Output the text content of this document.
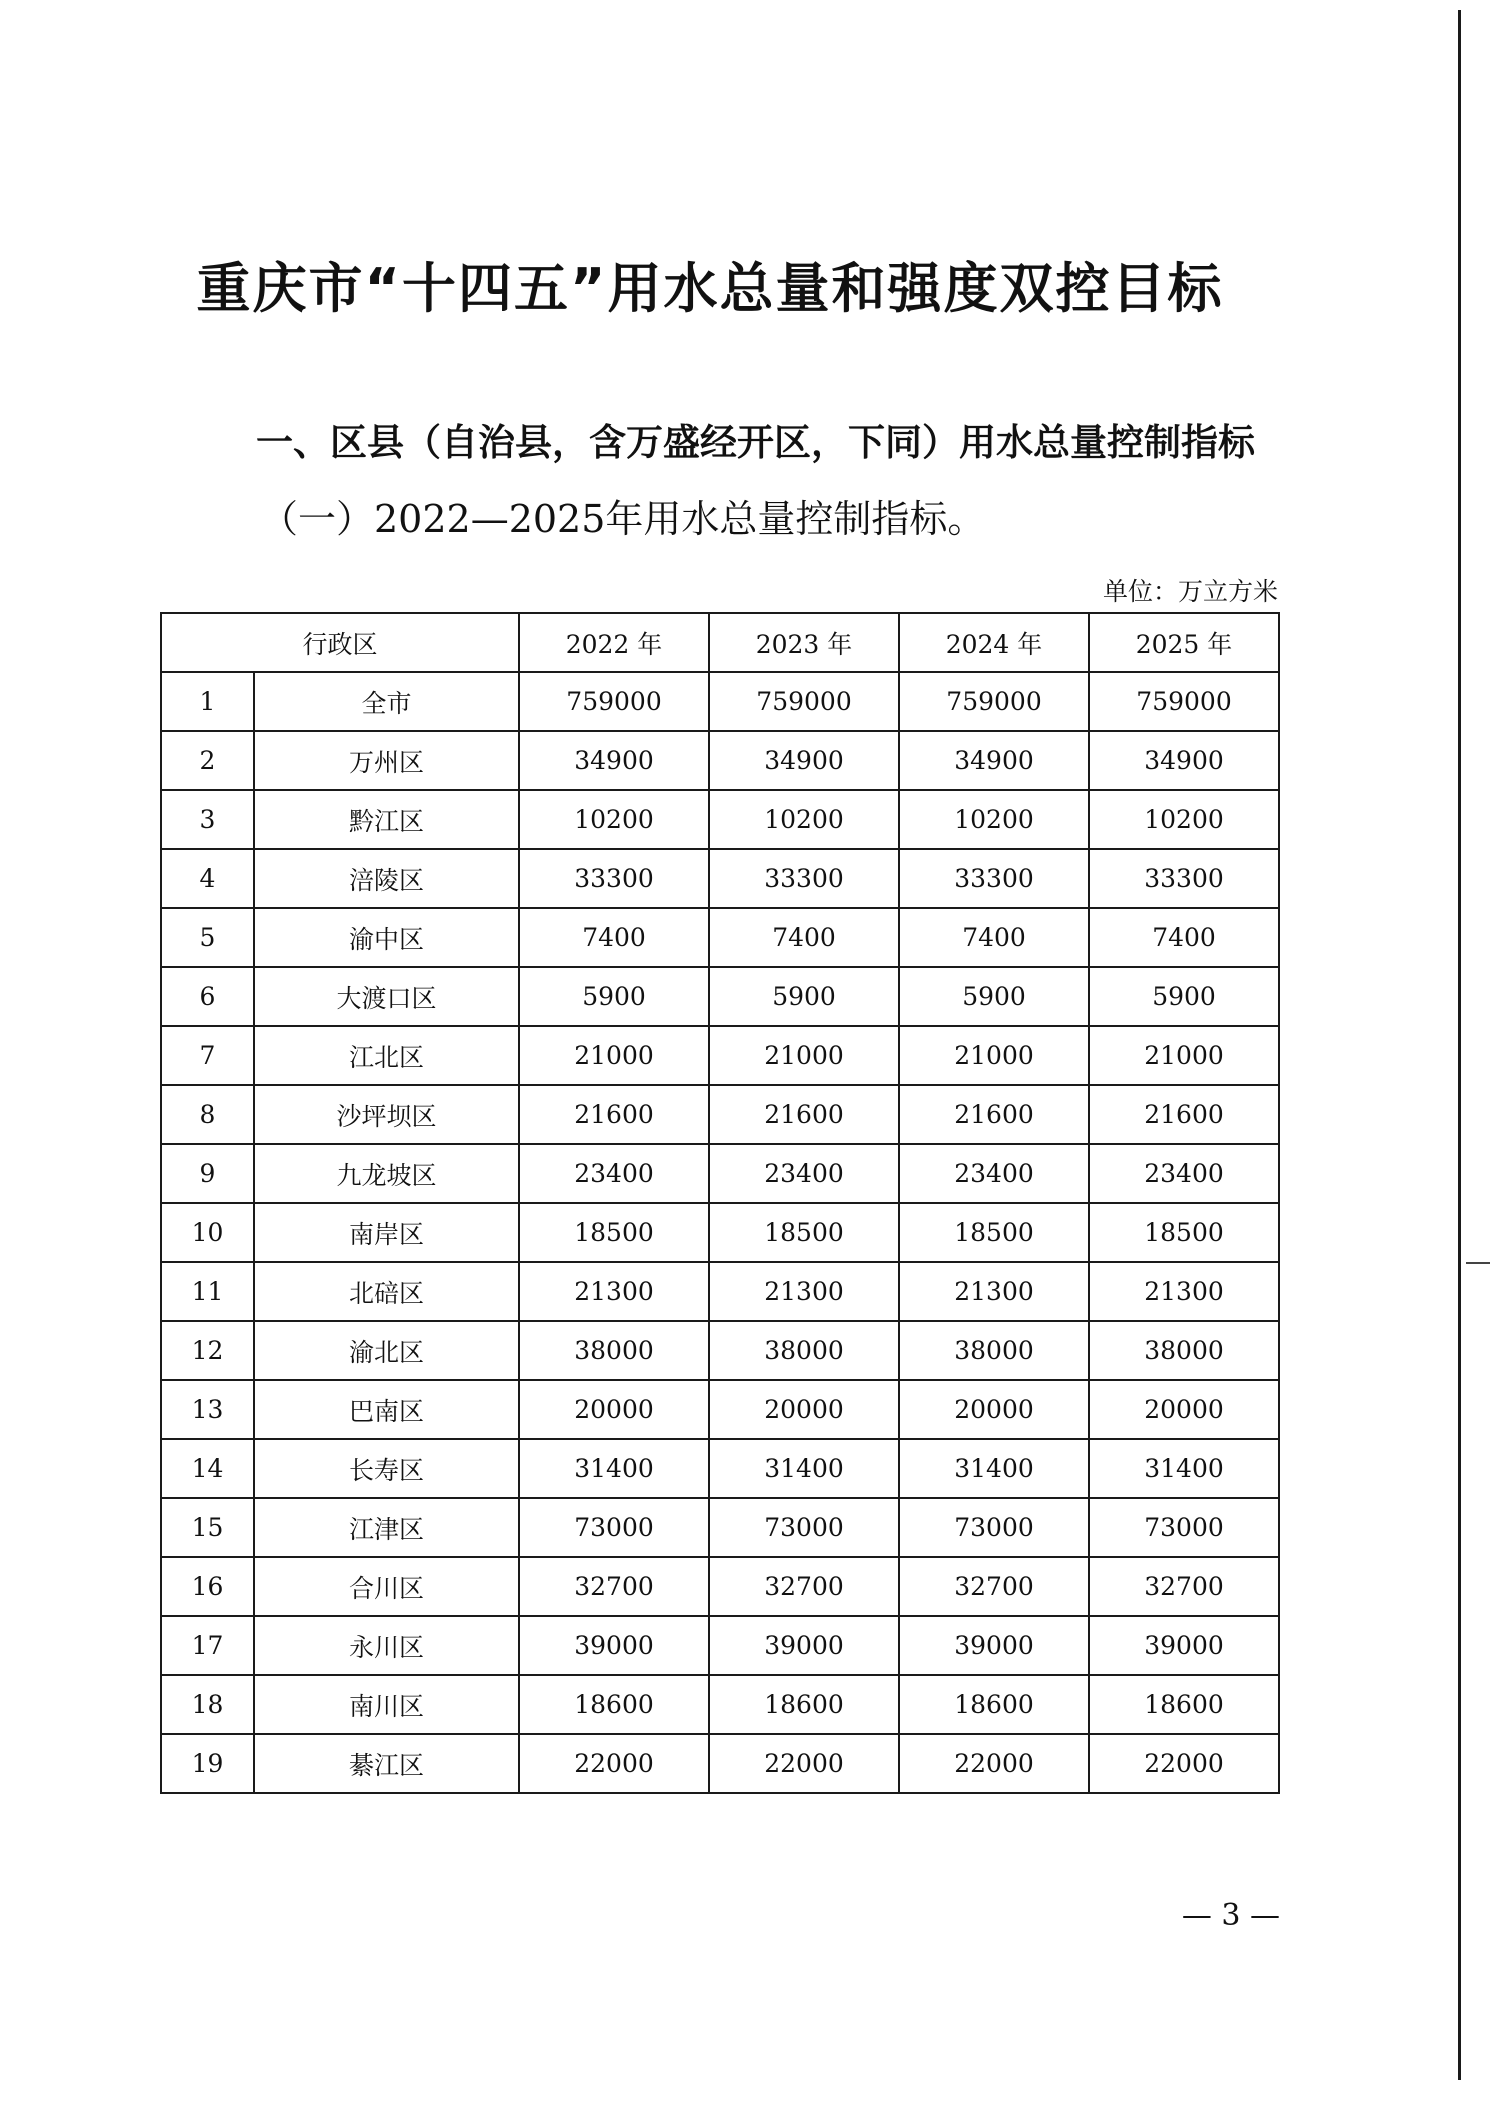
重庆市“十四五”用水总量和强度双控目标
一、区县（自治县，含万盛经开区，下同）用水总量控制指标
（一）2022—2025年用水总量控制指标。
单位：万立方米
行政区		2022 年	2023 年	2024 年	2025 年
1	全市	759000	759000	759000	759000
2	万州区	34900	34900	34900	34900
3	黔江区	10200	10200	10200	10200
4	涪陵区	33300	33300	33300	33300
5	渝中区	7400	7400	7400	7400
6	大渡口区	5900	5900	5900	5900
7	江北区	21000	21000	21000	21000
8	沙坪坝区	21600	21600	21600	21600
9	九龙坡区	23400	23400	23400	23400
10	南岸区	18500	18500	18500	18500
11	北碚区	21300	21300	21300	21300
12	渝北区	38000	38000	38000	38000
13	巴南区	20000	20000	20000	20000
14	长寿区	31400	31400	31400	31400
15	江津区	73000	73000	73000	73000
16	合川区	32700	32700	32700	32700
17	永川区	39000	39000	39000	39000
18	南川区	18600	18600	18600	18600
19	綦江区	22000	22000	22000	22000
— 3 —
